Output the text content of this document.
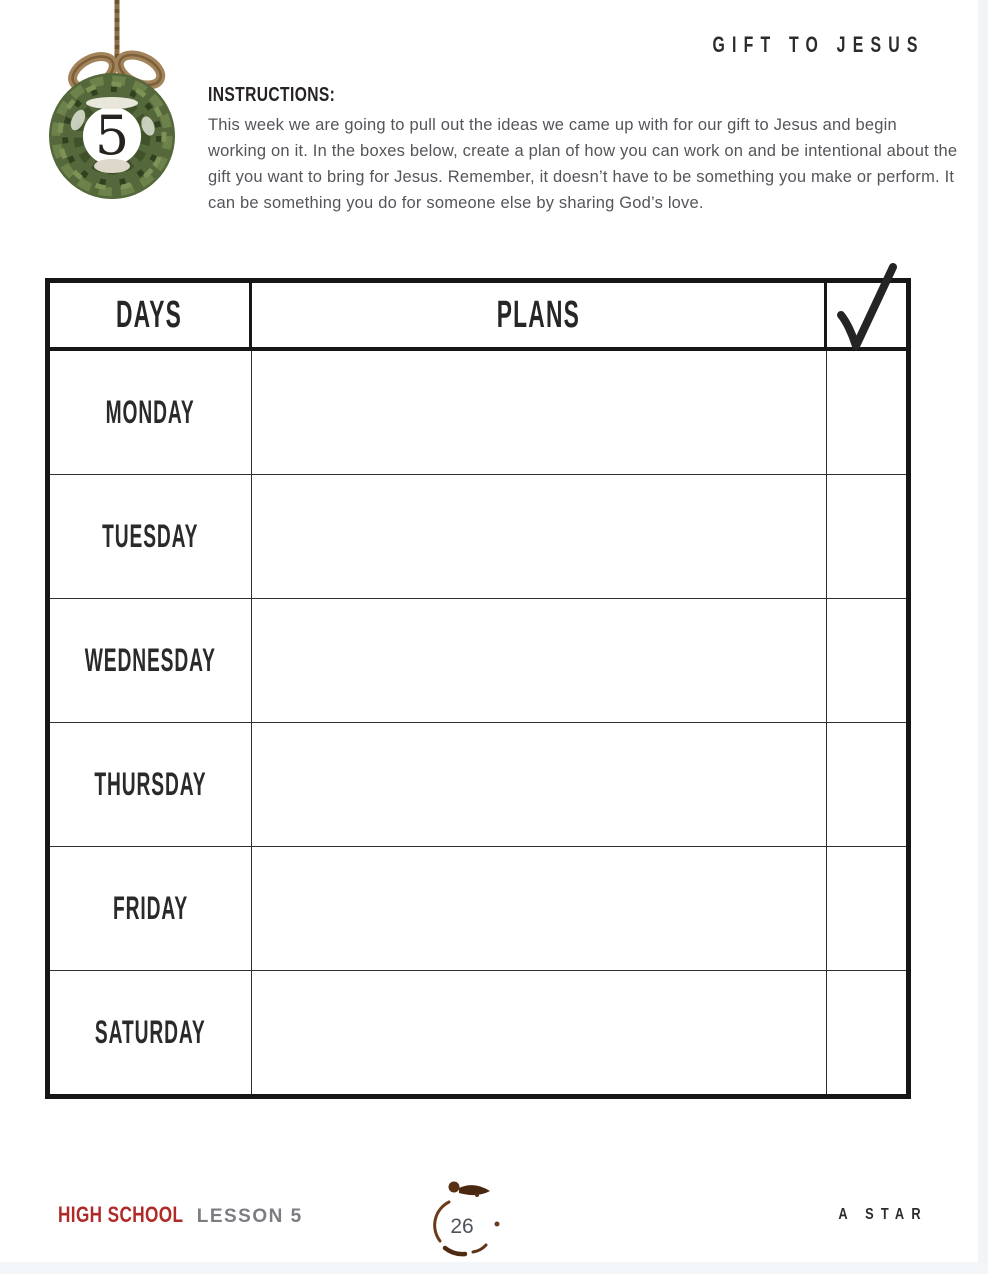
GIFT TO JESUS
5
INSTRUCTIONS:
This week we are going to pull out the ideas we came up with for our gift to Jesus and begin working on it. In the boxes below, create a plan of how you can work on and be intentional about the gift you want to bring for Jesus. Remember, it doesn’t have to be something you make or perform. It can be something you do for someone else by sharing God’s love.
DAYS	PLANS
MONDAY
TUESDAY
WEDNESDAY
THURSDAY
FRIDAY
SATURDAY
HIGH SCHOOL LESSON 5	26
A STAR
